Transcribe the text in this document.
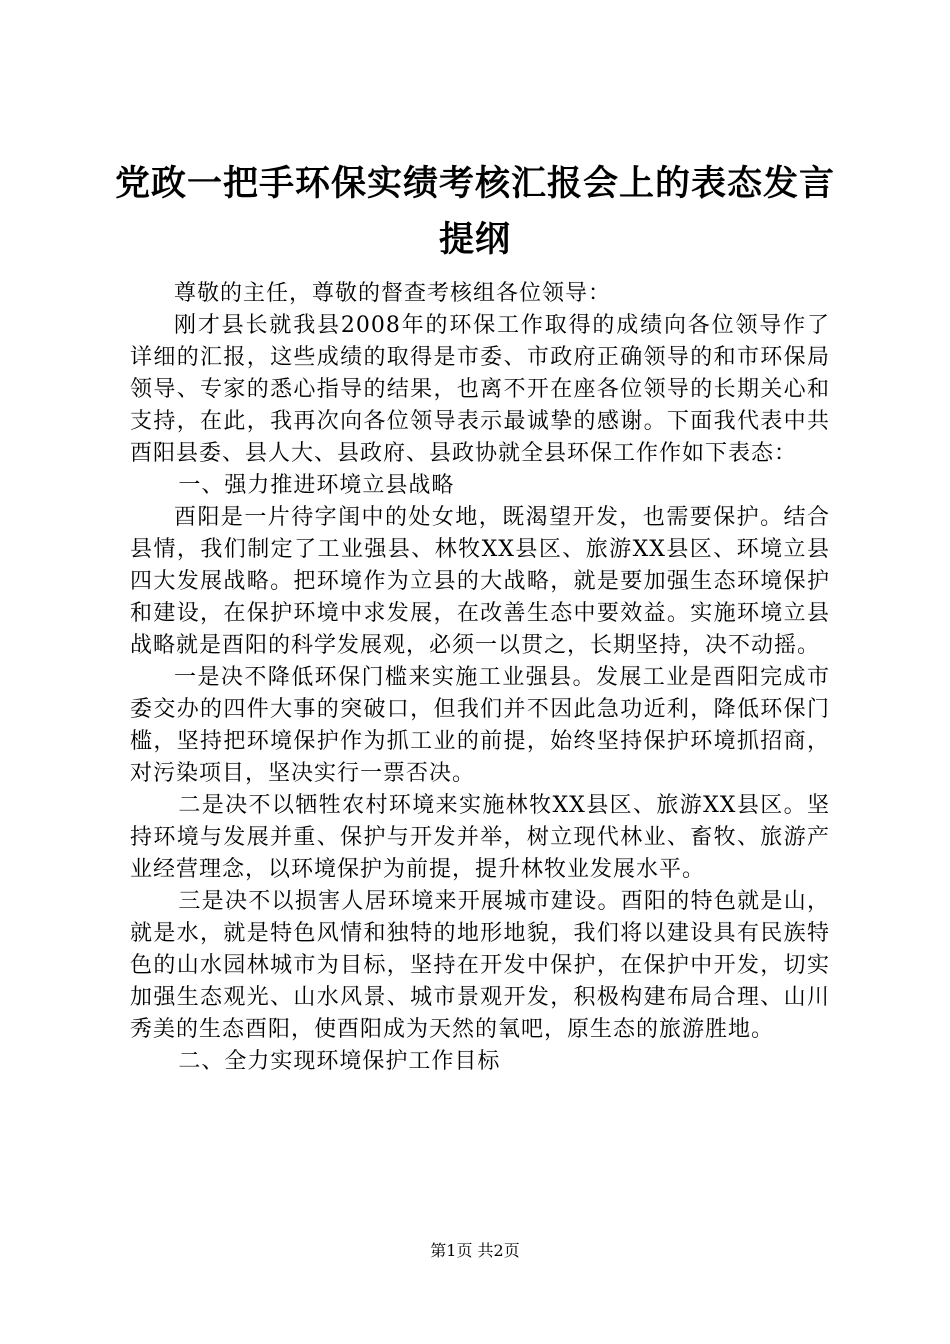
党政一把手环保实绩考核汇报会上的表态发言
提纲

尊敬的主任，尊敬的督查考核组各位领导：

刚才县长就我县2008年的环保工作取得的成绩向各位领导作了详细的汇报，这些成绩的取得是市委、市政府正确领导的和市环保局领导、专家的悉心指导的结果，也离不开在座各位领导的长期关心和支持，在此，我再次向各位领导表示最诚挚的感谢。下面我代表中共酉阳县委、县人大、县政府、县政协就全县环保工作作如下表态：

一、强力推进环境立县战略

酉阳是一片待字闺中的处女地，既渴望开发，也需要保护。结合县情，我们制定了工业强县、林牧XX县区、旅游XX县区、环境立县四大发展战略。把环境作为立县的大战略，就是要加强生态环境保护和建设，在保护环境中求发展，在改善生态中要效益。实施环境立县战略就是酉阳的科学发展观，必须一以贯之，长期坚持，决不动摇。

一是决不降低环保门槛来实施工业强县。发展工业是酉阳完成市委交办的四件大事的突破口，但我们并不因此急功近利，降低环保门槛，坚持把环境保护作为抓工业的前提，始终坚持保护环境抓招商，对污染项目，坚决实行一票否决。

二是决不以牺牲农村环境来实施林牧XX县区、旅游XX县区。坚持环境与发展并重、保护与开发并举，树立现代林业、畜牧、旅游产业经营理念，以环境保护为前提，提升林牧业发展水平。

三是决不以损害人居环境来开展城市建设。酉阳的特色就是山，就是水，就是特色风情和独特的地形地貌，我们将以建设具有民族特色的山水园林城市为目标，坚持在开发中保护，在保护中开发，切实加强生态观光、山水风景、城市景观开发，积极构建布局合理、山川秀美的生态酉阳，使酉阳成为天然的氧吧，原生态的旅游胜地。

二、全力实现环境保护工作目标

第1页 共2页
